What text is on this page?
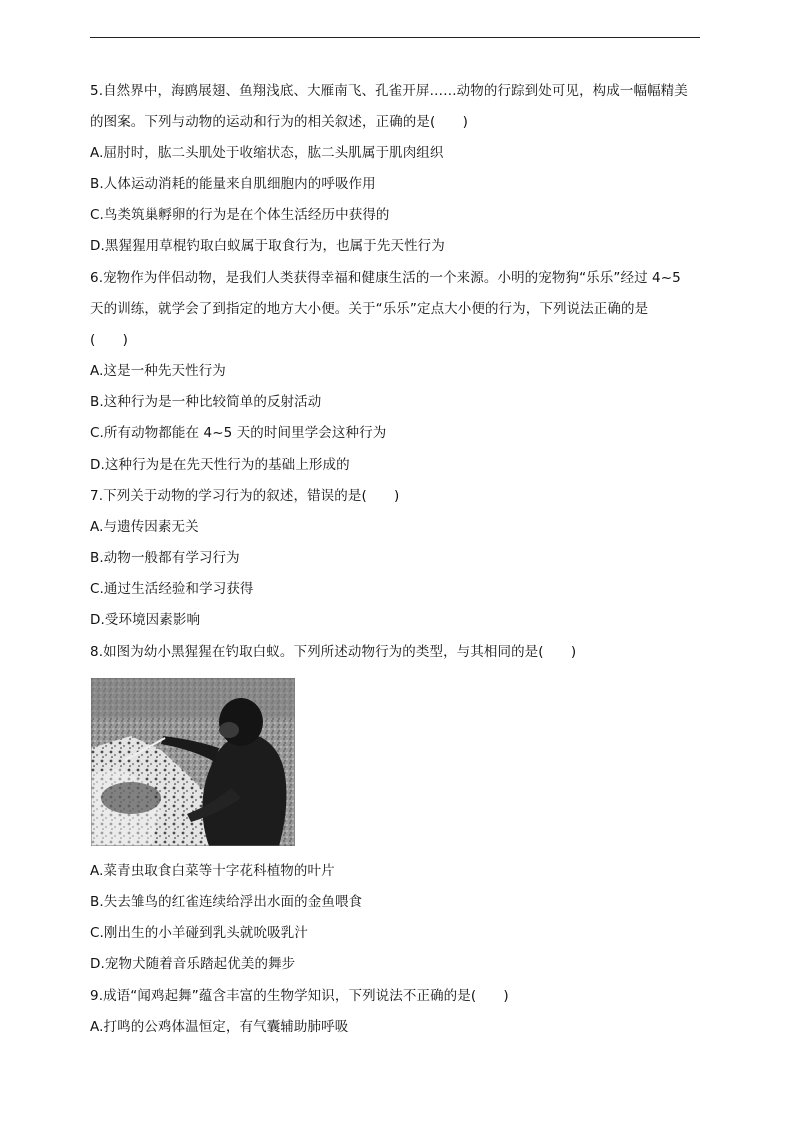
5.自然界中，海鸥展翅、鱼翔浅底、大雁南飞、孔雀开屏……动物的行踪到处可见，构成一幅幅精美

的图案。下列与动物的运动和行为的相关叙述，正确的是(　　)

A.屈肘时，肱二头肌处于收缩状态，肱二头肌属于肌肉组织

B.人体运动消耗的能量来自肌细胞内的呼吸作用

C.鸟类筑巢孵卵的行为是在个体生活经历中获得的

D.黑猩猩用草棍钓取白蚁属于取食行为，也属于先天性行为

6.宠物作为伴侣动物，是我们人类获得幸福和健康生活的一个来源。小明的宠物狗“乐乐”经过 4~5

天的训练，就学会了到指定的地方大小便。关于“乐乐”定点大小便的行为，下列说法正确的是

(　　)

A.这是一种先天性行为

B.这种行为是一种比较简单的反射活动

C.所有动物都能在 4~5 天的时间里学会这种行为

D.这种行为是在先天性行为的基础上形成的

7.下列关于动物的学习行为的叙述，错误的是(　　)

A.与遗传因素无关

B.动物一般都有学习行为

C.通过生活经验和学习获得

D.受环境因素影响

8.如图为幼小黑猩猩在钓取白蚁。下列所述动物行为的类型，与其相同的是(　　)

A.菜青虫取食白菜等十字花科植物的叶片

B.失去雏鸟的红雀连续给浮出水面的金鱼喂食

C.刚出生的小羊碰到乳头就吮吸乳汁

D.宠物犬随着音乐踏起优美的舞步

9.成语“闻鸡起舞”蕴含丰富的生物学知识，下列说法不正确的是(　　)

A.打鸣的公鸡体温恒定，有气囊辅助肺呼吸
